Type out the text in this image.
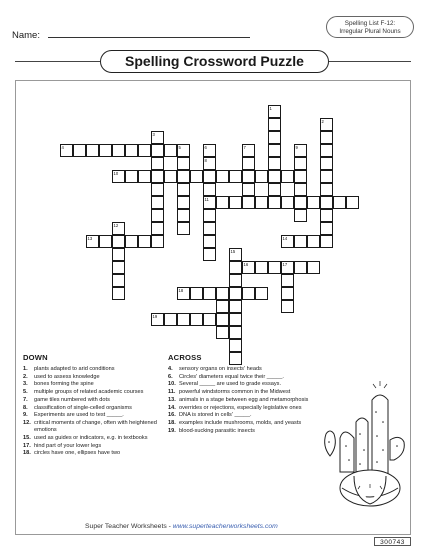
Name:
Spelling List F-12:
Irregular Plural Nouns
Spelling Crossword Puzzle
1
2
3
4	5	6	7
8
9
10
11
12
13	14
15
16	17
18
19
DOWN
1.	plants adapted to arid conditions
2.	used to assess knowledge
3.	bones forming the spine
5.	multiple groups of related academic courses
7.	game tiles numbered with dots
8.	classification of single-celled organisms
9.	Experiments are used to test _____.
12. critical moments of change, often with heightened emotions
15. used as guides or indicators, e.g. in textbooks
17. hind part of your lower legs
18. circles have one, ellipses have two
ACROSS
4.	sensory organs on insects' heads
6.	Circles' diameters equal twice their _____.
10. Several _____ are used to grade essays.
11. powerful windstorms common in the Midwest
13. animals in a stage between egg and metamorphosis
14. overrides or rejections, especially legislative ones
16. DNA is stored in cells' _____.
18. examples include mushrooms, molds, and yeasts
19. blood-sucking parasitic insects
Super Teacher Worksheets - www.superteacherworksheets.com
300743
